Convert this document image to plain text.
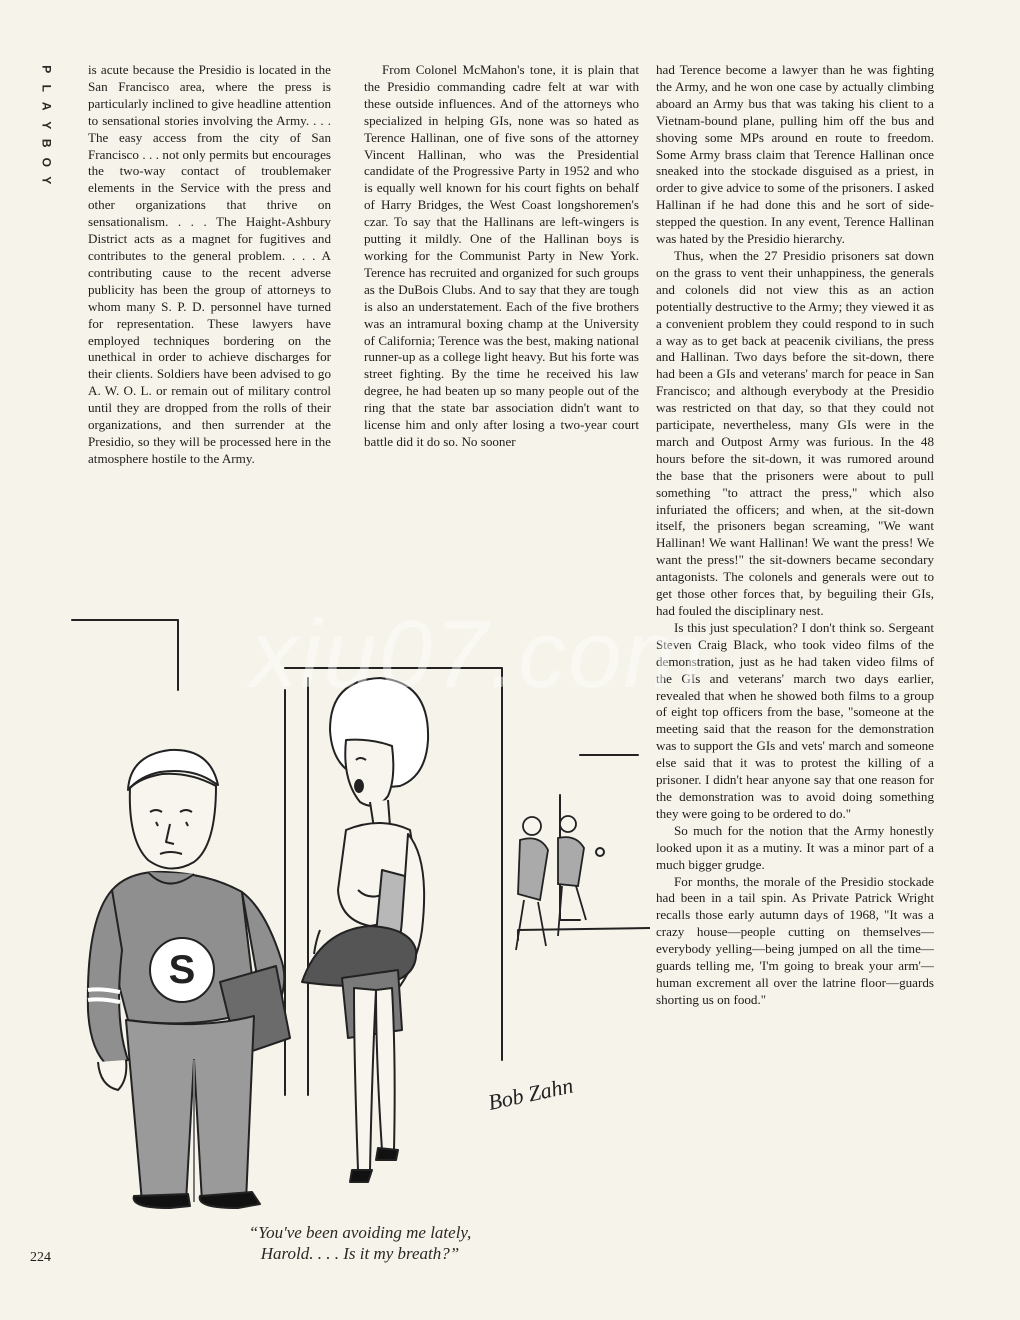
P
L
A
Y
B
O
Y

is acute because the Presidio is located in the San Francisco area, where the press is particularly inclined to give headline attention to sensational stories involving the Army. . . . The easy access from the city of San Francisco . . . not only permits but encourages the two-way contact of troublemaker elements in the Service with the press and other organizations that thrive on sensationalism. . . . The Haight-Ashbury District acts as a magnet for fugitives and contributes to the general problem. . . . A contributing cause to the recent adverse publicity has been the group of attorneys to whom many S. P. D. personnel have turned for representation. These lawyers have employed techniques bordering on the unethical in order to achieve discharges for their clients. Soldiers have been advised to go A. W. O. L. or remain out of military control until they are dropped from the rolls of their organizations, and then surrender at the Presidio, so they will be processed here in the atmosphere hostile to the Army.

From Colonel McMahon's tone, it is plain that the Presidio commanding cadre felt at war with these outside influences. And of the attorneys who specialized in helping GIs, none was so hated as Terence Hallinan, one of five sons of the attorney Vincent Hallinan, who was the Presidential candidate of the Progressive Party in 1952 and who is equally well known for his court fights on behalf of Harry Bridges, the West Coast longshoremen's czar. To say that the Hallinans are left-wingers is putting it mildly. One of the Hallinan boys is working for the Communist Party in New York. Terence has recruited and organized for such groups as the DuBois Clubs. And to say that they are tough is also an understatement. Each of the five brothers was an intramural boxing champ at the University of California; Terence was the best, making national runner-up as a college light heavy. But his forte was street fighting. By the time he received his law degree, he had beaten up so many people out of the ring that the state bar association didn't want to license him and only after losing a two-year court battle did it do so. No sooner

had Terence become a lawyer than he was fighting the Army, and he won one case by actually climbing aboard an Army bus that was taking his client to a Vietnam-bound plane, pulling him off the bus and shoving some MPs around en route to freedom. Some Army brass claim that Terence Hallinan once sneaked into the stockade disguised as a priest, in order to give advice to some of the prisoners. I asked Hallinan if he had done this and he sort of side-stepped the question. In any event, Terence Hallinan was hated by the Presidio hierarchy.

Thus, when the 27 Presidio prisoners sat down on the grass to vent their unhappiness, the generals and colonels did not view this as an action potentially destructive to the Army; they viewed it as a convenient problem they could respond to in such a way as to get back at peacenik civilians, the press and Hallinan. Two days before the sit-down, there had been a GIs and veterans' march for peace in San Francisco; and although everybody at the Presidio was restricted on that day, so that they could not participate, nevertheless, many GIs were in the march and Outpost Army was furious. In the 48 hours before the sit-down, it was rumored around the base that the prisoners were about to pull something "to attract the press," which also infuriated the officers; and when, at the sit-down itself, the prisoners began screaming, "We want Hallinan! We want Hallinan! We want the press! We want the press!" the sit-downers became secondary antagonists. The colonels and generals were out to get those other forces that, by beguiling their GIs, had fouled the disciplinary nest.

Is this just speculation? I don't think so. Sergeant Steven Craig Black, who took video films of the demonstration, just as he had taken video films of the GIs and veterans' march two days earlier, revealed that when he showed both films to a group of eight top officers from the base, "someone at the meeting said that the reason for the demonstration was to support the GIs and vets' march and someone else said that it was to protest the killing of a prisoner. I didn't hear anyone say that one reason for the demonstration was to avoid doing something they were going to be ordered to do."

So much for the notion that the Army honestly looked upon it as a mutiny. It was a minor part of a much bigger grudge.

For months, the morale of the Presidio stockade had been in a tail spin. As Private Patrick Wright recalls those early autumn days of 1968, "It was a crazy house—people cutting on themselves—everybody yelling—being jumped on all the time—guards telling me, 'I'm going to break your arm'—human excrement all over the latrine floor—guards shorting us on food."

S
Bob Zahn
“You've been avoiding me lately,
Harold. . . . Is it my breath?”
224
xiu07.com
